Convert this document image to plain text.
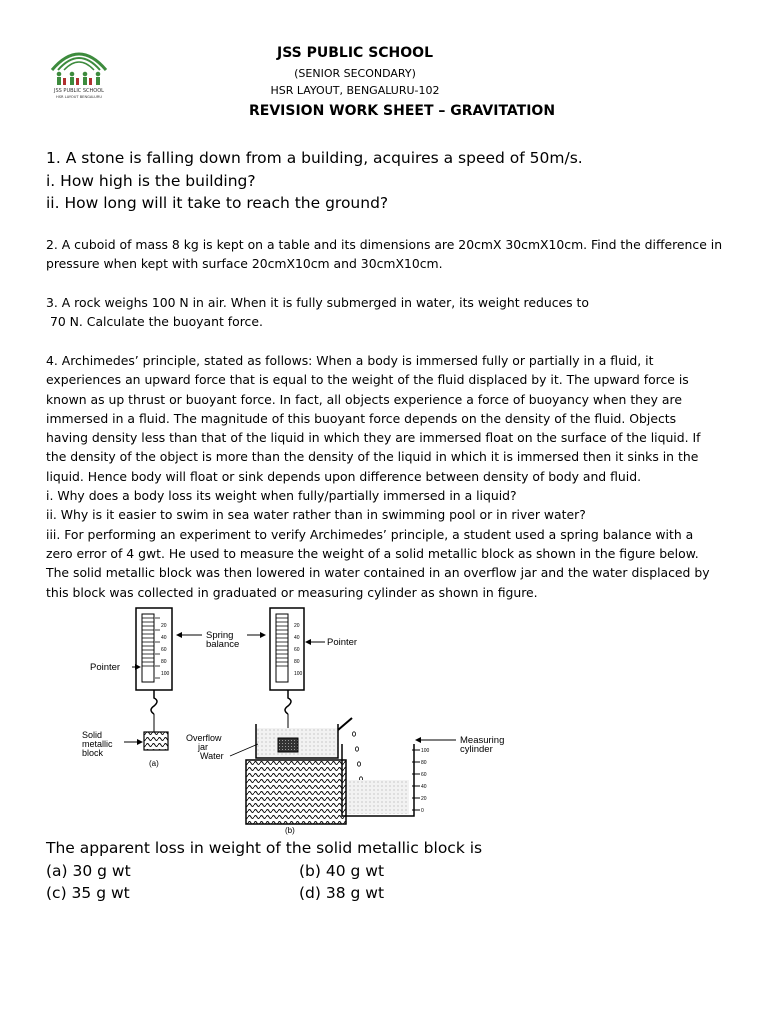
JSS PUBLIC SCHOOL
HSR LAYOUT BENGALURU
JSS PUBLIC SCHOOL
(SENIOR SECONDARY)
HSR LAYOUT, BENGALURU-102
REVISION WORK SHEET – GRAVITATION
1. A stone is falling down from a building, acquires a speed of 50m/s.
i. How high is the building?
ii. How long will it take to reach the ground?
2. A cuboid of mass 8 kg is kept on a table and its dimensions are 20cmX 30cmX10cm. Find the difference in
pressure when kept with surface 20cmX10cm and 30cmX10cm.
3. A rock weighs 100 N in air. When it is fully submerged in water, its weight reduces to
70 N. Calculate the buoyant force.
4. Archimedes’ principle, stated as follows: When a body is immersed fully or partially in a fluid, it
experiences an upward force that is equal to the weight of the fluid displaced by it. The upward force is
known as up thrust or buoyant force. In fact, all objects experience a force of buoyancy when they are
immersed in a fluid. The magnitude of this buoyant force depends on the density of the fluid. Objects
having density less than that of the liquid in which they are immersed float on the surface of the liquid. If
the density of the object is more than the density of the liquid in which it is immersed then it sinks in the
liquid. Hence body will float or sink depends upon difference between density of body and fluid.
i. Why does a body loss its weight when fully/partially immersed in a liquid?
ii. Why is it easier to swim in sea water rather than in swimming pool or in river water?
iii. For performing an experiment to verify Archimedes’ principle, a student used a spring balance with a
zero error of 4 gwt. He used to measure the weight of a solid metallic block as shown in the figure below.
The solid metallic block was then lowered in water contained in an overflow jar and the water displaced by
this block was collected in graduated or measuring cylinder as shown in figure.
20
40
60
80
100
Pointer
Solid
metallic
block
(a)
Spring
balance
20
40
60
80
100
Pointer
Overflow
jar
Water
(b)
100
80
60
40
20
0
Measuring
cylinder
The apparent loss in weight of the solid metallic block is
(a) 30 g wt	(b) 40 g wt
(c) 35 g wt	(d) 38 g wt
